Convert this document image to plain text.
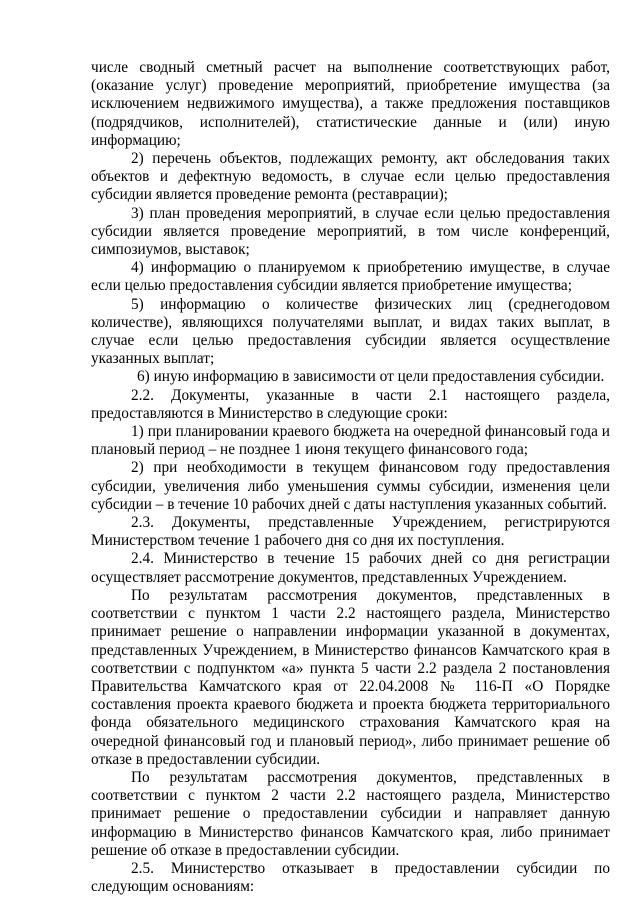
числе сводный сметный расчет на выполнение соответствующих работ, (оказание услуг) проведение мероприятий, приобретение имущества (за исключением недвижимого имущества), а также предложения поставщиков (подрядчиков, исполнителей), статистические данные и (или) иную информацию;

2) перечень объектов, подлежащих ремонту, акт обследования таких объектов и дефектную ведомость, в случае если целью предоставления субсидии является проведение ремонта (реставрации);

3) план проведения мероприятий, в случае если целью предоставления субсидии является проведение мероприятий, в том числе конференций, симпозиумов, выставок;

4) информацию о планируемом к приобретению имуществе, в случае если целью предоставления субсидии является приобретение имущества;

5) информацию о количестве физических лиц (среднегодовом количестве), являющихся получателями выплат, и видах таких выплат, в случае если целью предоставления субсидии является осуществление указанных выплат;

6) иную информацию в зависимости от цели предоставления субсидии.

2.2. Документы, указанные в части 2.1 настоящего раздела, предоставляются в Министерство в следующие сроки:

1) при планировании краевого бюджета на очередной финансовый года и плановый период – не позднее 1 июня текущего финансового года;

2) при необходимости в текущем финансовом году предоставления субсидии, увеличения либо уменьшения суммы субсидии, изменения цели субсидии – в течение 10 рабочих дней с даты наступления указанных событий.

2.3. Документы, представленные Учреждением, регистрируются Министерством течение 1 рабочего дня со дня их поступления.

2.4. Министерство в течение 15 рабочих дней со дня регистрации осуществляет рассмотрение документов, представленных Учреждением.

По результатам рассмотрения документов, представленных в соответствии с пунктом 1 части 2.2 настоящего раздела, Министерство принимает решение о направлении информации указанной в документах, представленных Учреждением, в Министерство финансов Камчатского края в соответствии с подпунктом «а» пункта 5 части 2.2 раздела 2 постановления Правительства Камчатского края от 22.04.2008 № 116-П «О Порядке составления проекта краевого бюджета и проекта бюджета территориального фонда обязательного медицинского страхования Камчатского края на очередной финансовый год и плановый период», либо принимает решение об отказе в предоставлении субсидии.

По результатам рассмотрения документов, представленных в соответствии с пунктом 2 части 2.2 настоящего раздела, Министерство принимает решение о предоставлении субсидии и направляет данную информацию в Министерство финансов Камчатского края, либо принимает решение об отказе в предоставлении субсидии.

2.5. Министерство отказывает в предоставлении субсидии по следующим основаниям:
